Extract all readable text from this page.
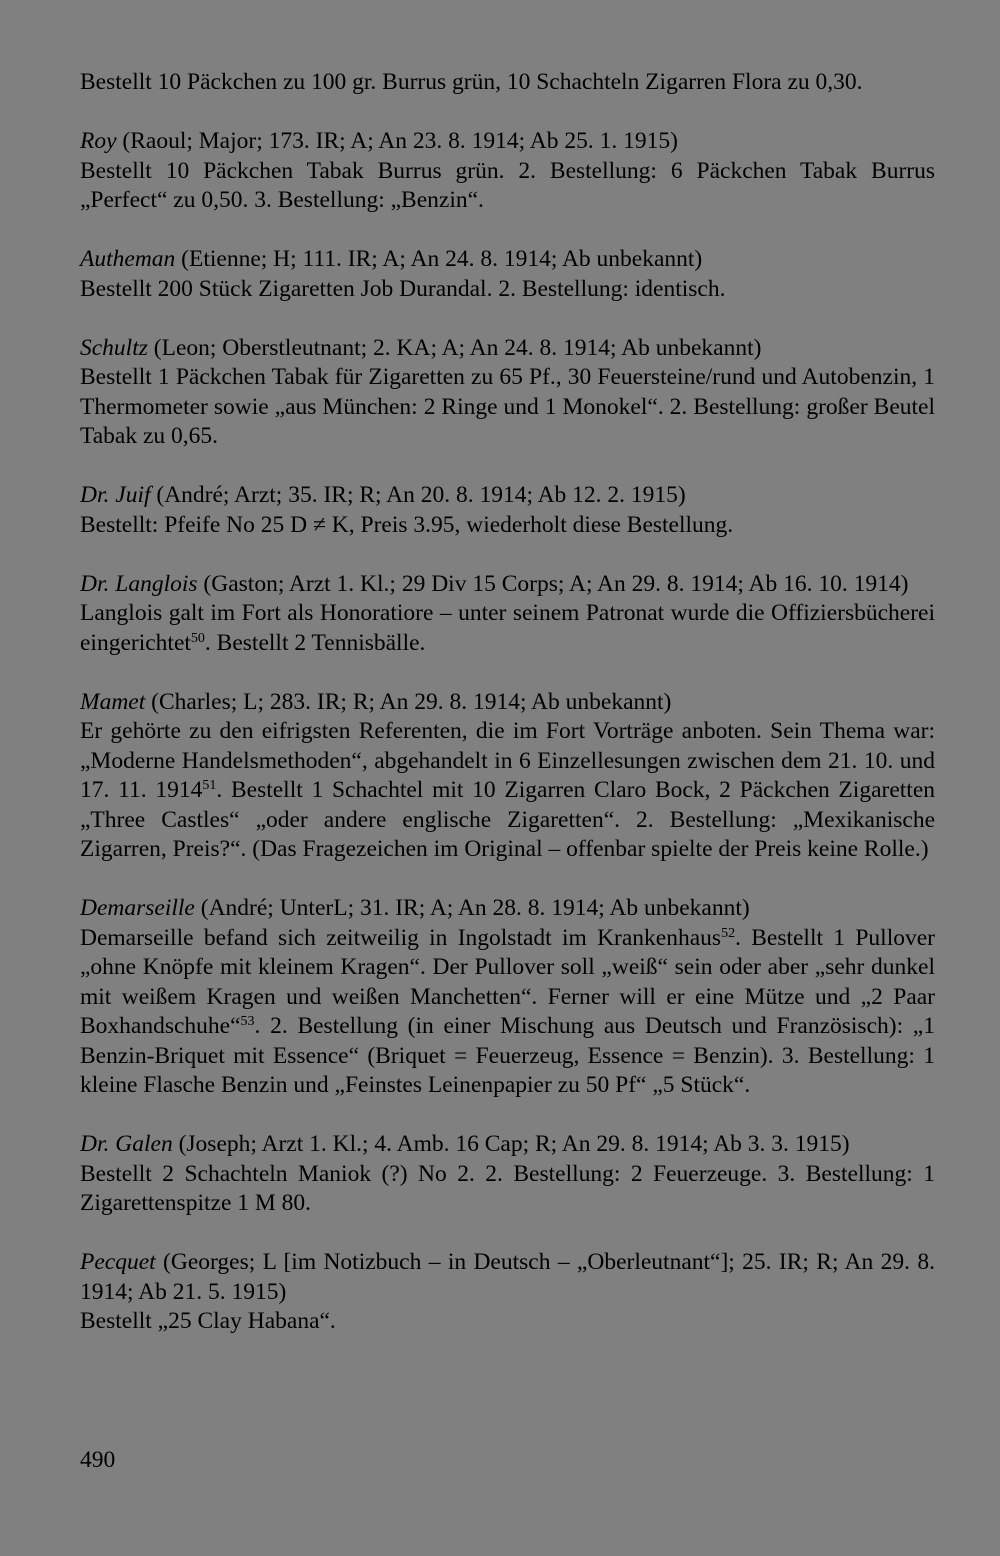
Bestellt 10 Päckchen zu 100 gr. Burrus grün, 10 Schachteln Zigarren Flora zu 0,30.
Roy (Raoul; Major; 173. IR; A; An 23. 8. 1914; Ab 25. 1. 1915)
Bestellt 10 Päckchen Tabak Burrus grün. 2. Bestellung: 6 Päckchen Tabak Burrus „Perfect“ zu 0,50. 3. Bestellung: „Benzin“.
Autheman (Etienne; H; 111. IR; A; An 24. 8. 1914; Ab unbekannt)
Bestellt 200 Stück Zigaretten Job Durandal. 2. Bestellung: identisch.
Schultz (Leon; Oberstleutnant; 2. KA; A; An 24. 8. 1914; Ab unbekannt)
Bestellt 1 Päckchen Tabak für Zigaretten zu 65 Pf., 30 Feuersteine/rund und Autobenzin, 1 Thermometer sowie „aus München: 2 Ringe und 1 Monokel“. 2. Bestellung: großer Beutel Tabak zu 0,65.
Dr. Juif (André; Arzt; 35. IR; R; An 20. 8. 1914; Ab 12. 2. 1915)
Bestellt: Pfeife No 25 D ≠ K, Preis 3.95, wiederholt diese Bestellung.
Dr. Langlois (Gaston; Arzt 1. Kl.; 29 Div 15 Corps; A; An 29. 8. 1914; Ab 16. 10. 1914)
Langlois galt im Fort als Honoratiore – unter seinem Patronat wurde die Offiziersbücherei eingerichtet$^{50}$. Bestellt 2 Tennisbälle.
Mamet (Charles; L; 283. IR; R; An 29. 8. 1914; Ab unbekannt)
Er gehörte zu den eifrigsten Referenten, die im Fort Vorträge anboten. Sein Thema war: „Moderne Handelsmethoden“, abgehandelt in 6 Einzellesungen zwischen dem 21. 10. und 17. 11. 1914$^{51}$. Bestellt 1 Schachtel mit 10 Zigarren Claro Bock, 2 Päckchen Zigaretten „Three Castles“ „oder andere englische Zigaretten“. 2. Bestellung: „Mexikanische Zigarren, Preis?“. (Das Fragezeichen im Original – offenbar spielte der Preis keine Rolle.)
Demarseille (André; UnterL; 31. IR; A; An 28. 8. 1914; Ab unbekannt)
Demarseille befand sich zeitweilig in Ingolstadt im Krankenhaus$^{52}$. Bestellt 1 Pullover „ohne Knöpfe mit kleinem Kragen“. Der Pullover soll „weiß“ sein oder aber „sehr dunkel mit weißem Kragen und weißen Manchetten“. Ferner will er eine Mütze und „2 Paar Boxhandschuhe“$^{53}$. 2. Bestellung (in einer Mischung aus Deutsch und Französisch): „1 Benzin-Briquet mit Essence“ (Briquet = Feuerzeug, Essence = Benzin). 3. Bestellung: 1 kleine Flasche Benzin und „Feinstes Leinenpapier zu 50 Pf“ „5 Stück“.
Dr. Galen (Joseph; Arzt 1. Kl.; 4. Amb. 16 Cap; R; An 29. 8. 1914; Ab 3. 3. 1915)
Bestellt 2 Schachteln Maniok (?) No 2. 2. Bestellung: 2 Feuerzeuge. 3. Bestellung: 1 Zigarettenspitze 1 M 80.
Pecquet (Georges; L [im Notizbuch – in Deutsch – „Oberleutnant“]; 25. IR; R; An 29. 8. 1914; Ab 21. 5. 1915)
Bestellt „25 Clay Habana“.
490
